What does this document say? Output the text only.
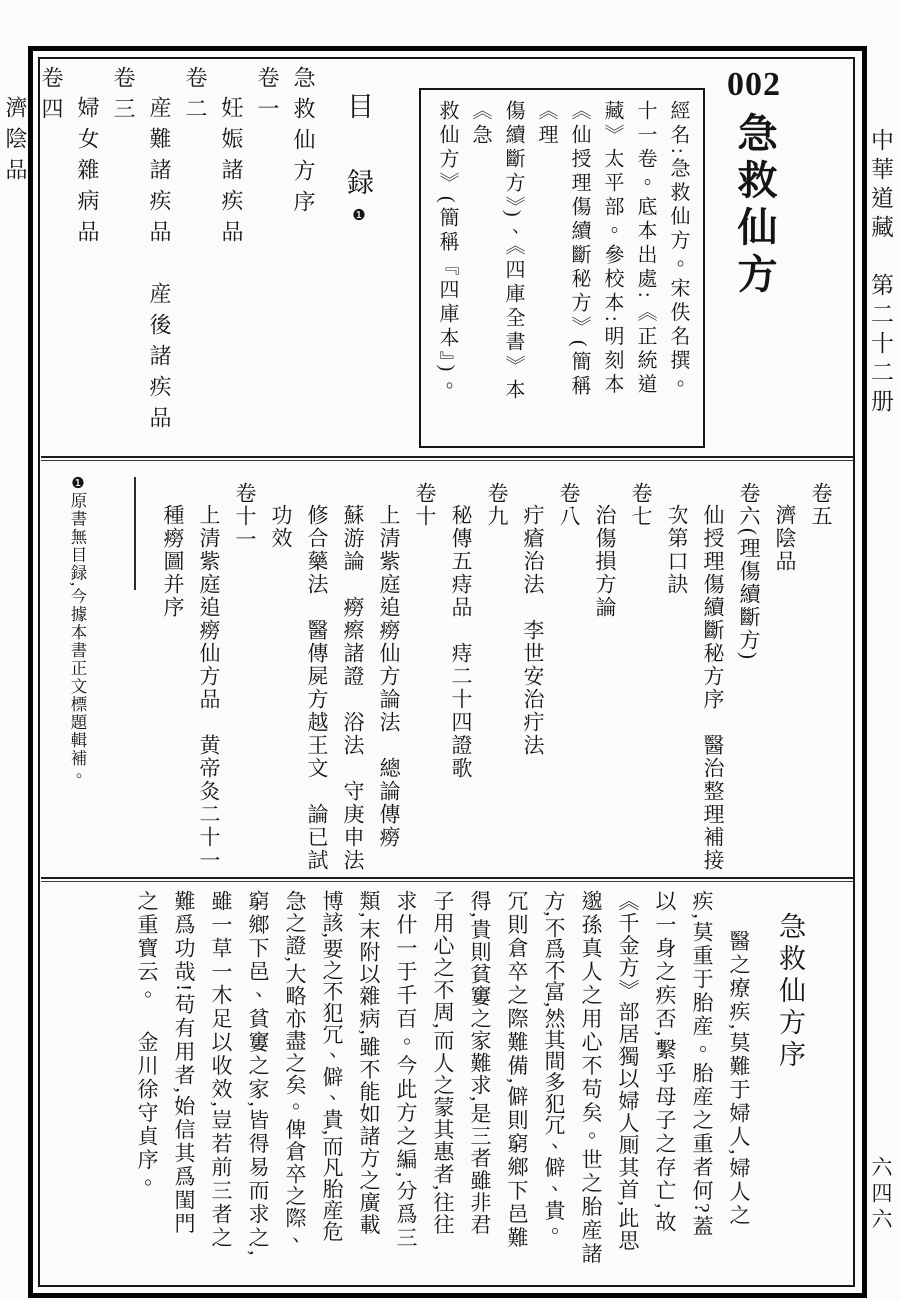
中華道藏　第二十二册
六四六
002急救仙方
經名:急救仙方。宋佚名撰。
十一卷。底本出處:《正統道
藏》太平部。參校本:明刻本
《仙授理傷續斷秘方》(簡稱《理
傷續斷方》)、《四庫全書》本《急
救仙方》(簡稱『四庫本』)。
目　録❶
急救仙方序
卷一
妊娠諸疾品
卷二
産難諸疾品　産後諸疾品
卷三
婦女雜病品
卷四
濟陰品
卷五
濟陰品
卷六(理傷續斷方)
仙授理傷續斷秘方序　醫治整理補接
次第口訣
卷七
治傷損方論
卷八
疔瘡治法　李世安治疔法
卷九
秘傳五痔品　痔二十四證歌
卷十
上清紫庭追癆仙方論法　總論傳癆
蘇游論　癆瘵諸證　浴法　守庚申法
修合藥法　醫傳屍方越王文　論已試
功效
卷十一
上清紫庭追癆仙方品　黄帝灸二十一
種癆圖并序
❶原書無目録,今據本書正文標題輯補。
急救仙方序
醫之療疾,莫難于婦人,婦人之
疾,莫重于胎産。胎産之重者何?蓋
以一身之疾否,繫乎母子之存亡,故
《千金方》部居獨以婦人厠其首,此思
邈孫真人之用心不苟矣。世之胎産諸
方,不爲不富,然其間多犯冗、僻、貴。
冗則倉卒之際難備,僻則窮鄉下邑難
得,貴則貧窶之家難求,是三者雖非君
子用心之不周,而人之蒙其惠者,往往
求什一于千百。今此方之編,分爲三
類,末附以雜病,雖不能如諸方之廣載
博該,要之不犯冗、僻、貴,而凡胎産危
急之證,大略亦盡之矣。俾倉卒之際、
窮鄉下邑、貧窶之家,皆得易而求之,
雖一草一木足以收效,豈若前三者之
難爲功哉!苟有用者,始信其爲閨門
之重寶云。　金川徐守貞序。
